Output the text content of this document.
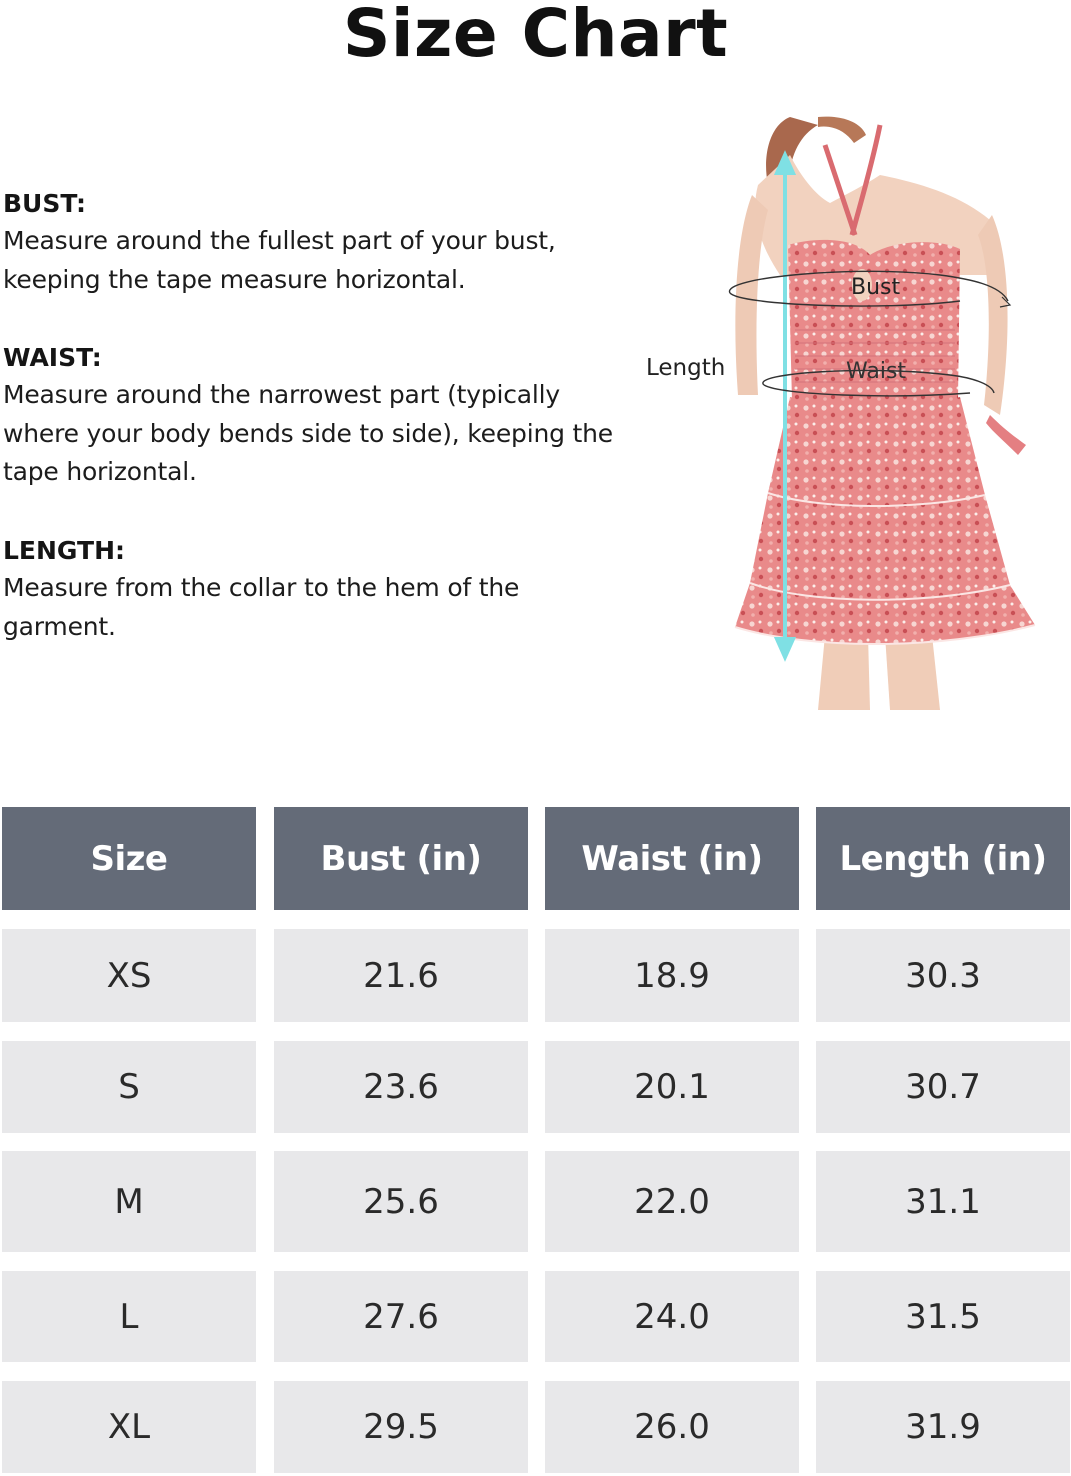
Size Chart
BUST:
Measure around the fullest part of your bust,
keeping the tape measure horizontal.
WAIST:
Measure around the narrowest part (typically
where your body bends side to side), keeping the
tape horizontal.
LENGTH:
Measure from the collar to the hem of the
garment.
Length
Bust
Waist
Size	Bust (in)	Waist (in)	Length (in)
XS	21.6	18.9	30.3
S	23.6	20.1	30.7
M	25.6	22.0	31.1
L	27.6	24.0	31.5
XL	29.5	26.0	31.9
